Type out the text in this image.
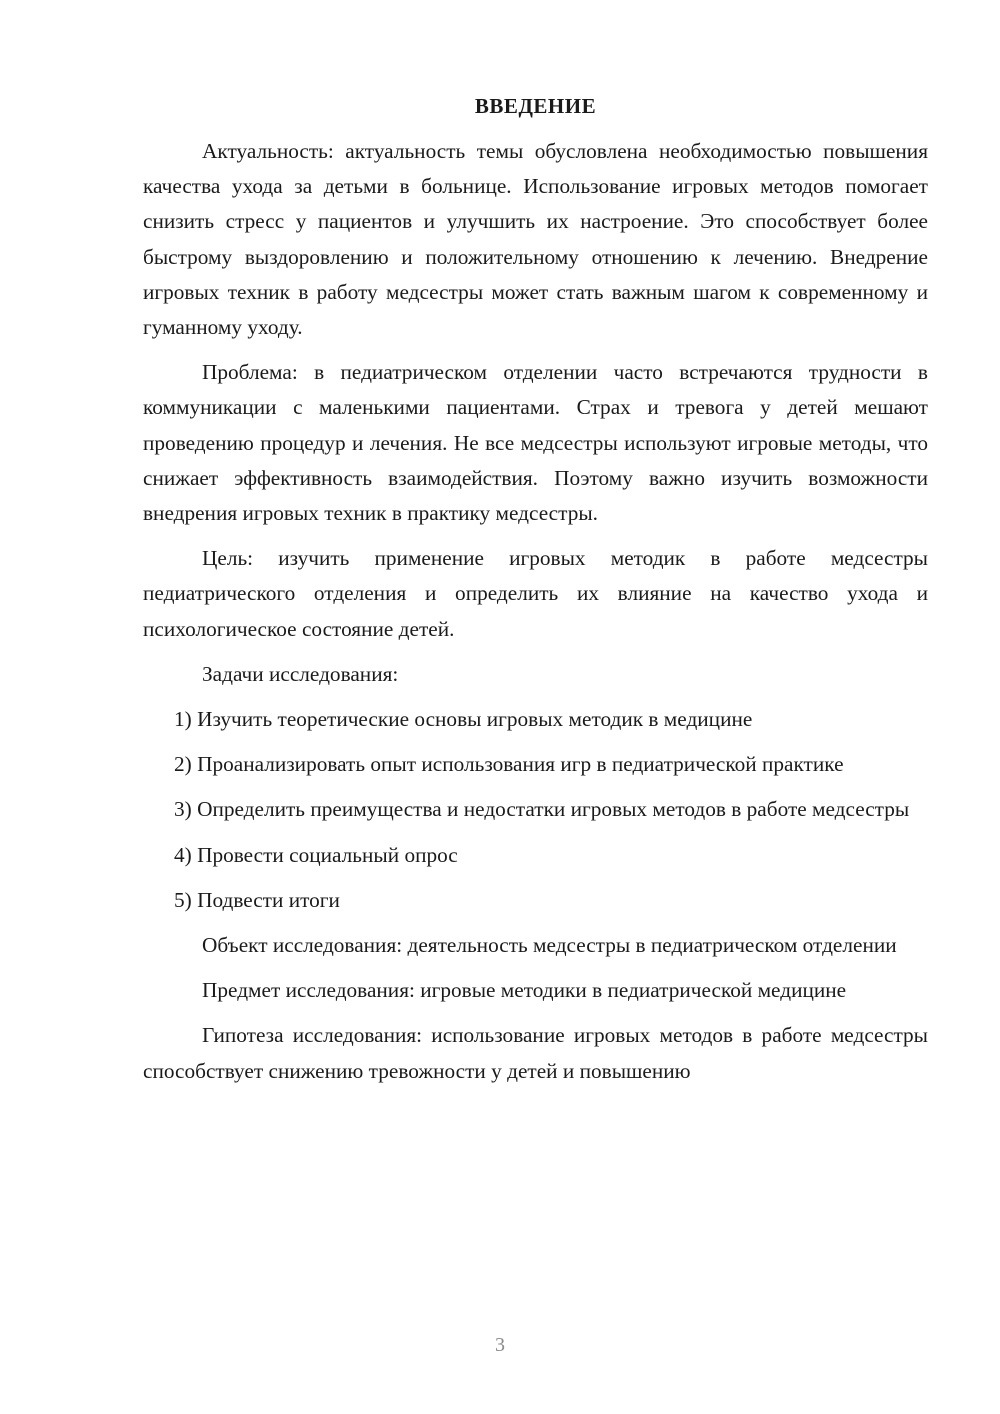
ВВЕДЕНИЕ

Актуальность: актуальность темы обусловлена необходимостью повышения качества ухода за детьми в больнице. Использование игровых методов помогает снизить стресс у пациентов и улучшить их настроение. Это способствует более быстрому выздоровлению и положительному отношению к лечению. Внедрение игровых техник в работу медсестры может стать важным шагом к современному и гуманному уходу.

Проблема: в педиатрическом отделении часто встречаются трудности в коммуникации с маленькими пациентами. Страх и тревога у детей мешают проведению процедур и лечения. Не все медсестры используют игровые методы, что снижает эффективность взаимодействия. Поэтому важно изучить возможности внедрения игровых техник в практику медсестры.

Цель: изучить применение игровых методик в работе медсестры педиатрического отделения и определить их влияние на качество ухода и психологическое состояние детей.

Задачи исследования:

1) Изучить теоретические основы игровых методик в медицине

2) Проанализировать опыт использования игр в педиатрической практике

3) Определить преимущества и недостатки игровых методов в работе медсестры

4) Провести социальный опрос

5) Подвести итоги

Объект исследования: деятельность медсестры в педиатрическом отделении

Предмет исследования: игровые методики в педиатрической медицине

Гипотеза исследования: использование игровых методов в работе медсестры способствует снижению тревожности у детей и повышению

3
